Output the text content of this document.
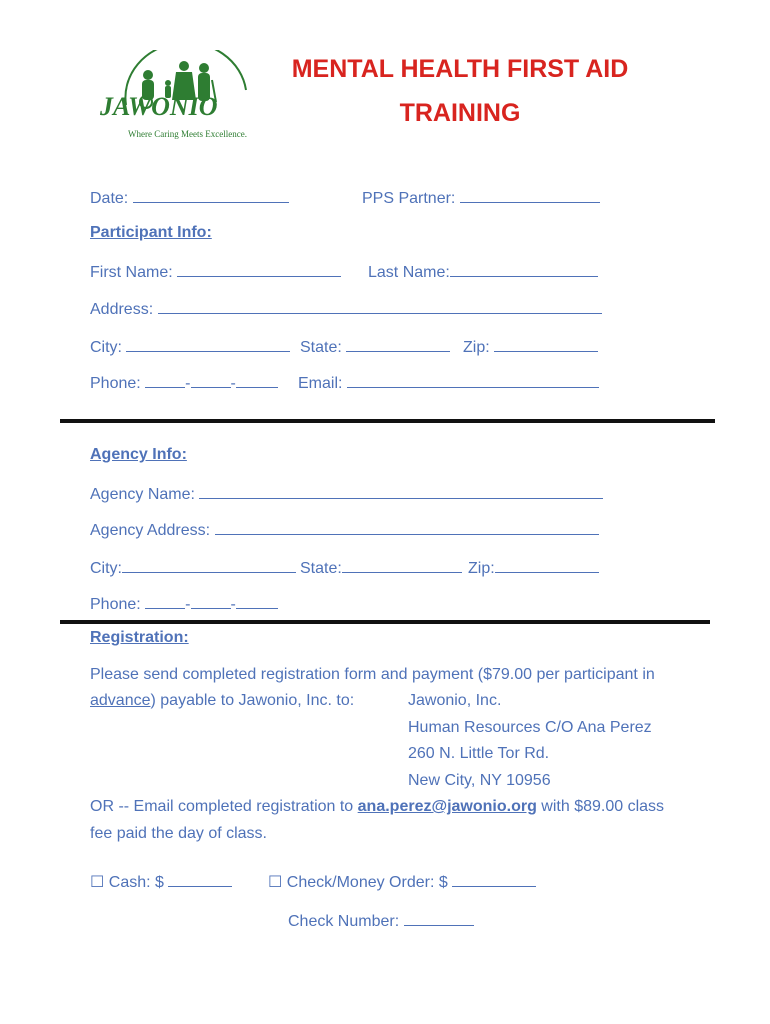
JAWONIO
Where Caring Meets Excellence.
MENTAL HEALTH FIRST AID
TRAINING
Date:	PPS Partner:
Participant Info:
First Name:	Last Name:
Address:
City:	State:	Zip:
Phone:	-	-	Email:
Agency Info:
Agency Name:
Agency Address:
City:	State:	Zip:
Phone:	-	-
Registration:
Please send completed registration form and payment ($79.00 per participant in
advance) payable to Jawonio, Inc. to:	Jawonio, Inc.
Human Resources C/O Ana Perez
260 N. Little Tor Rd.
New City, NY 10956
OR -- Email completed registration to ana.perez@jawonio.org with $89.00 class
fee paid the day of class.
☐ Cash: $	☐ Check/Money Order: $
Check Number:
